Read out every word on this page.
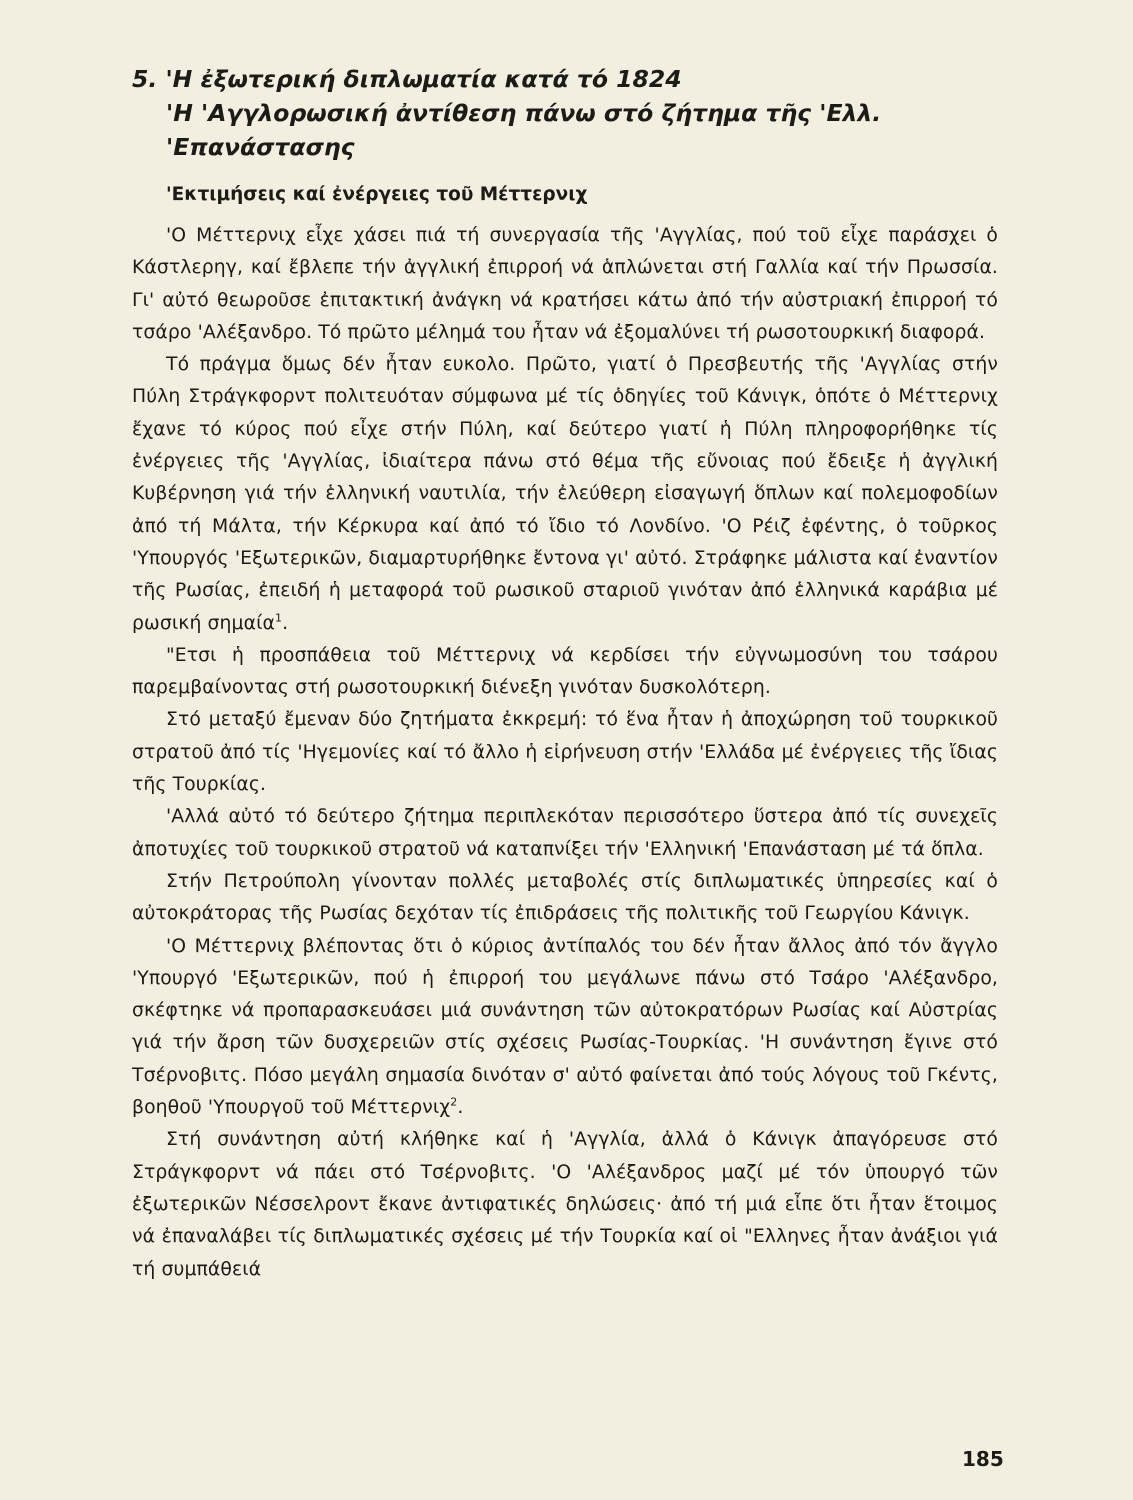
5. 'Η ἐξωτερική διπλωματία κατά τό 1824
'Η 'Αγγλορωσική ἀντίθεση πάνω στό ζήτημα τῆς 'Ελλ.
'Επανάστασης
'Εκτιμήσεις καί ἐνέργειες τοῦ Μέττερνιχ

'Ο Μέττερνιχ εἶχε χάσει πιά τή συνεργασία τῆς 'Αγγλίας, πού τοῦ εἶχε παράσχει ὁ Κάστλερηγ, καί ἔβλεπε τήν ἀγγλική ἐπιρροή νά ἁπλώνεται στή Γαλλία καί τήν Πρωσσία. Γι' αὐτό θεωροῦσε ἐπιτακτική ἀνάγκη νά κρατήσει κάτω ἀπό τήν αὐστριακή ἐπιρροή τό τσάρο 'Αλέξανδρο. Τό πρῶτο μέλημά του ἦταν νά ἐξομαλύνει τή ρωσοτουρκική διαφορά.

Τό πράγμα ὅμως δέν ἦταν ευκολο. Πρῶτο, γιατί ὁ Πρεσβευτής τῆς 'Αγγλίας στήν Πύλη Στράγκφορντ πολιτευόταν σύμφωνα μέ τίς ὁδηγίες τοῦ Κάνιγκ, ὁπότε ὁ Μέττερνιχ ἔχανε τό κύρος πού εἶχε στήν Πύλη, καί δεύτερο γιατί ἡ Πύλη πληροφορήθηκε τίς ἐνέργειες τῆς 'Αγγλίας, ἰδιαίτερα πάνω στό θέμα τῆς εὔνοιας πού ἔδειξε ἡ ἀγγλική Κυβέρνηση γιά τήν ἑλληνική ναυτιλία, τήν ἐλεύθερη εἰσαγωγή ὅπλων καί πολεμοφοδίων ἀπό τή Μάλτα, τήν Κέρκυρα καί ἀπό τό ἴδιο τό Λονδίνο. 'Ο Ρέιζ ἐφέντης, ὁ τοῦρκος 'Υπουργός 'Εξωτερικῶν, διαμαρτυρήθηκε ἔντονα γι' αὐτό. Στράφηκε μάλιστα καί ἐναντίον τῆς Ρωσίας, ἐπειδή ἡ μεταφορά τοῦ ρωσικοῦ σταριοῦ γινόταν ἀπό ἑλληνικά καράβια μέ ρωσική σημαία$^1$.

"Ετσι ἡ προσπάθεια τοῦ Μέττερνιχ νά κερδίσει τήν εὐγνωμοσύνη του τσάρου παρεμβαίνοντας στή ρωσοτουρκική διένεξη γινόταν δυσκολότερη.

Στό μεταξύ ἔμεναν δύο ζητήματα ἐκκρεμή: τό ἕνα ἦταν ἡ ἀποχώρηση τοῦ τουρκικοῦ στρατοῦ ἀπό τίς 'Ηγεμονίες καί τό ἄλλο ἡ εἰρήνευση στήν 'Ελλάδα μέ ἐνέργειες τῆς ἴδιας τῆς Τουρκίας.

'Αλλά αὐτό τό δεύτερο ζήτημα περιπλεκόταν περισσότερο ὕστερα ἀπό τίς συνεχεῖς ἀποτυχίες τοῦ τουρκικοῦ στρατοῦ νά καταπνίξει τήν 'Ελληνική 'Επανάσταση μέ τά ὅπλα.

Στήν Πετρούπολη γίνονταν πολλές μεταβολές στίς διπλωματικές ὑπηρεσίες καί ὁ αὐτοκράτορας τῆς Ρωσίας δεχόταν τίς ἐπιδράσεις τῆς πολιτικῆς τοῦ Γεωργίου Κάνιγκ.

'Ο Μέττερνιχ βλέποντας ὅτι ὁ κύριος ἀντίπαλός του δέν ἦταν ἄλλος ἀπό τόν ἄγγλο 'Υπουργό 'Εξωτερικῶν, πού ἡ ἐπιρροή του μεγάλωνε πάνω στό Τσάρο 'Αλέξανδρο, σκέφτηκε νά προπαρασκευάσει μιά συνάντηση τῶν αὐτοκρατόρων Ρωσίας καί Αὐστρίας γιά τήν ἄρση τῶν δυσχερειῶν στίς σχέσεις Ρωσίας-Τουρκίας. 'Η συνάντηση ἔγινε στό Τσέρνοβιτς. Πόσο μεγάλη σημασία δινόταν σ' αὐτό φαίνεται ἀπό τούς λόγους τοῦ Γκέντς, βοηθοῦ 'Υπουργοῦ τοῦ Μέττερνιχ$^2$.

Στή συνάντηση αὐτή κλήθηκε καί ἡ 'Αγγλία, ἀλλά ὁ Κάνιγκ ἀπαγόρευσε στό Στράγκφορντ νά πάει στό Τσέρνοβιτς. 'Ο 'Αλέξανδρος μαζί μέ τόν ὑπουργό τῶν ἐξωτερικῶν Νέσσελροντ ἔκανε ἀντιφατικές δηλώσεις· ἀπό τή μιά εἶπε ὅτι ἦταν ἕτοιμος νά ἐπαναλάβει τίς διπλωματικές σχέσεις μέ τήν Τουρκία καί οἱ "Ελληνες ἦταν ἀνάξιοι γιά τή συμπάθειά

185
